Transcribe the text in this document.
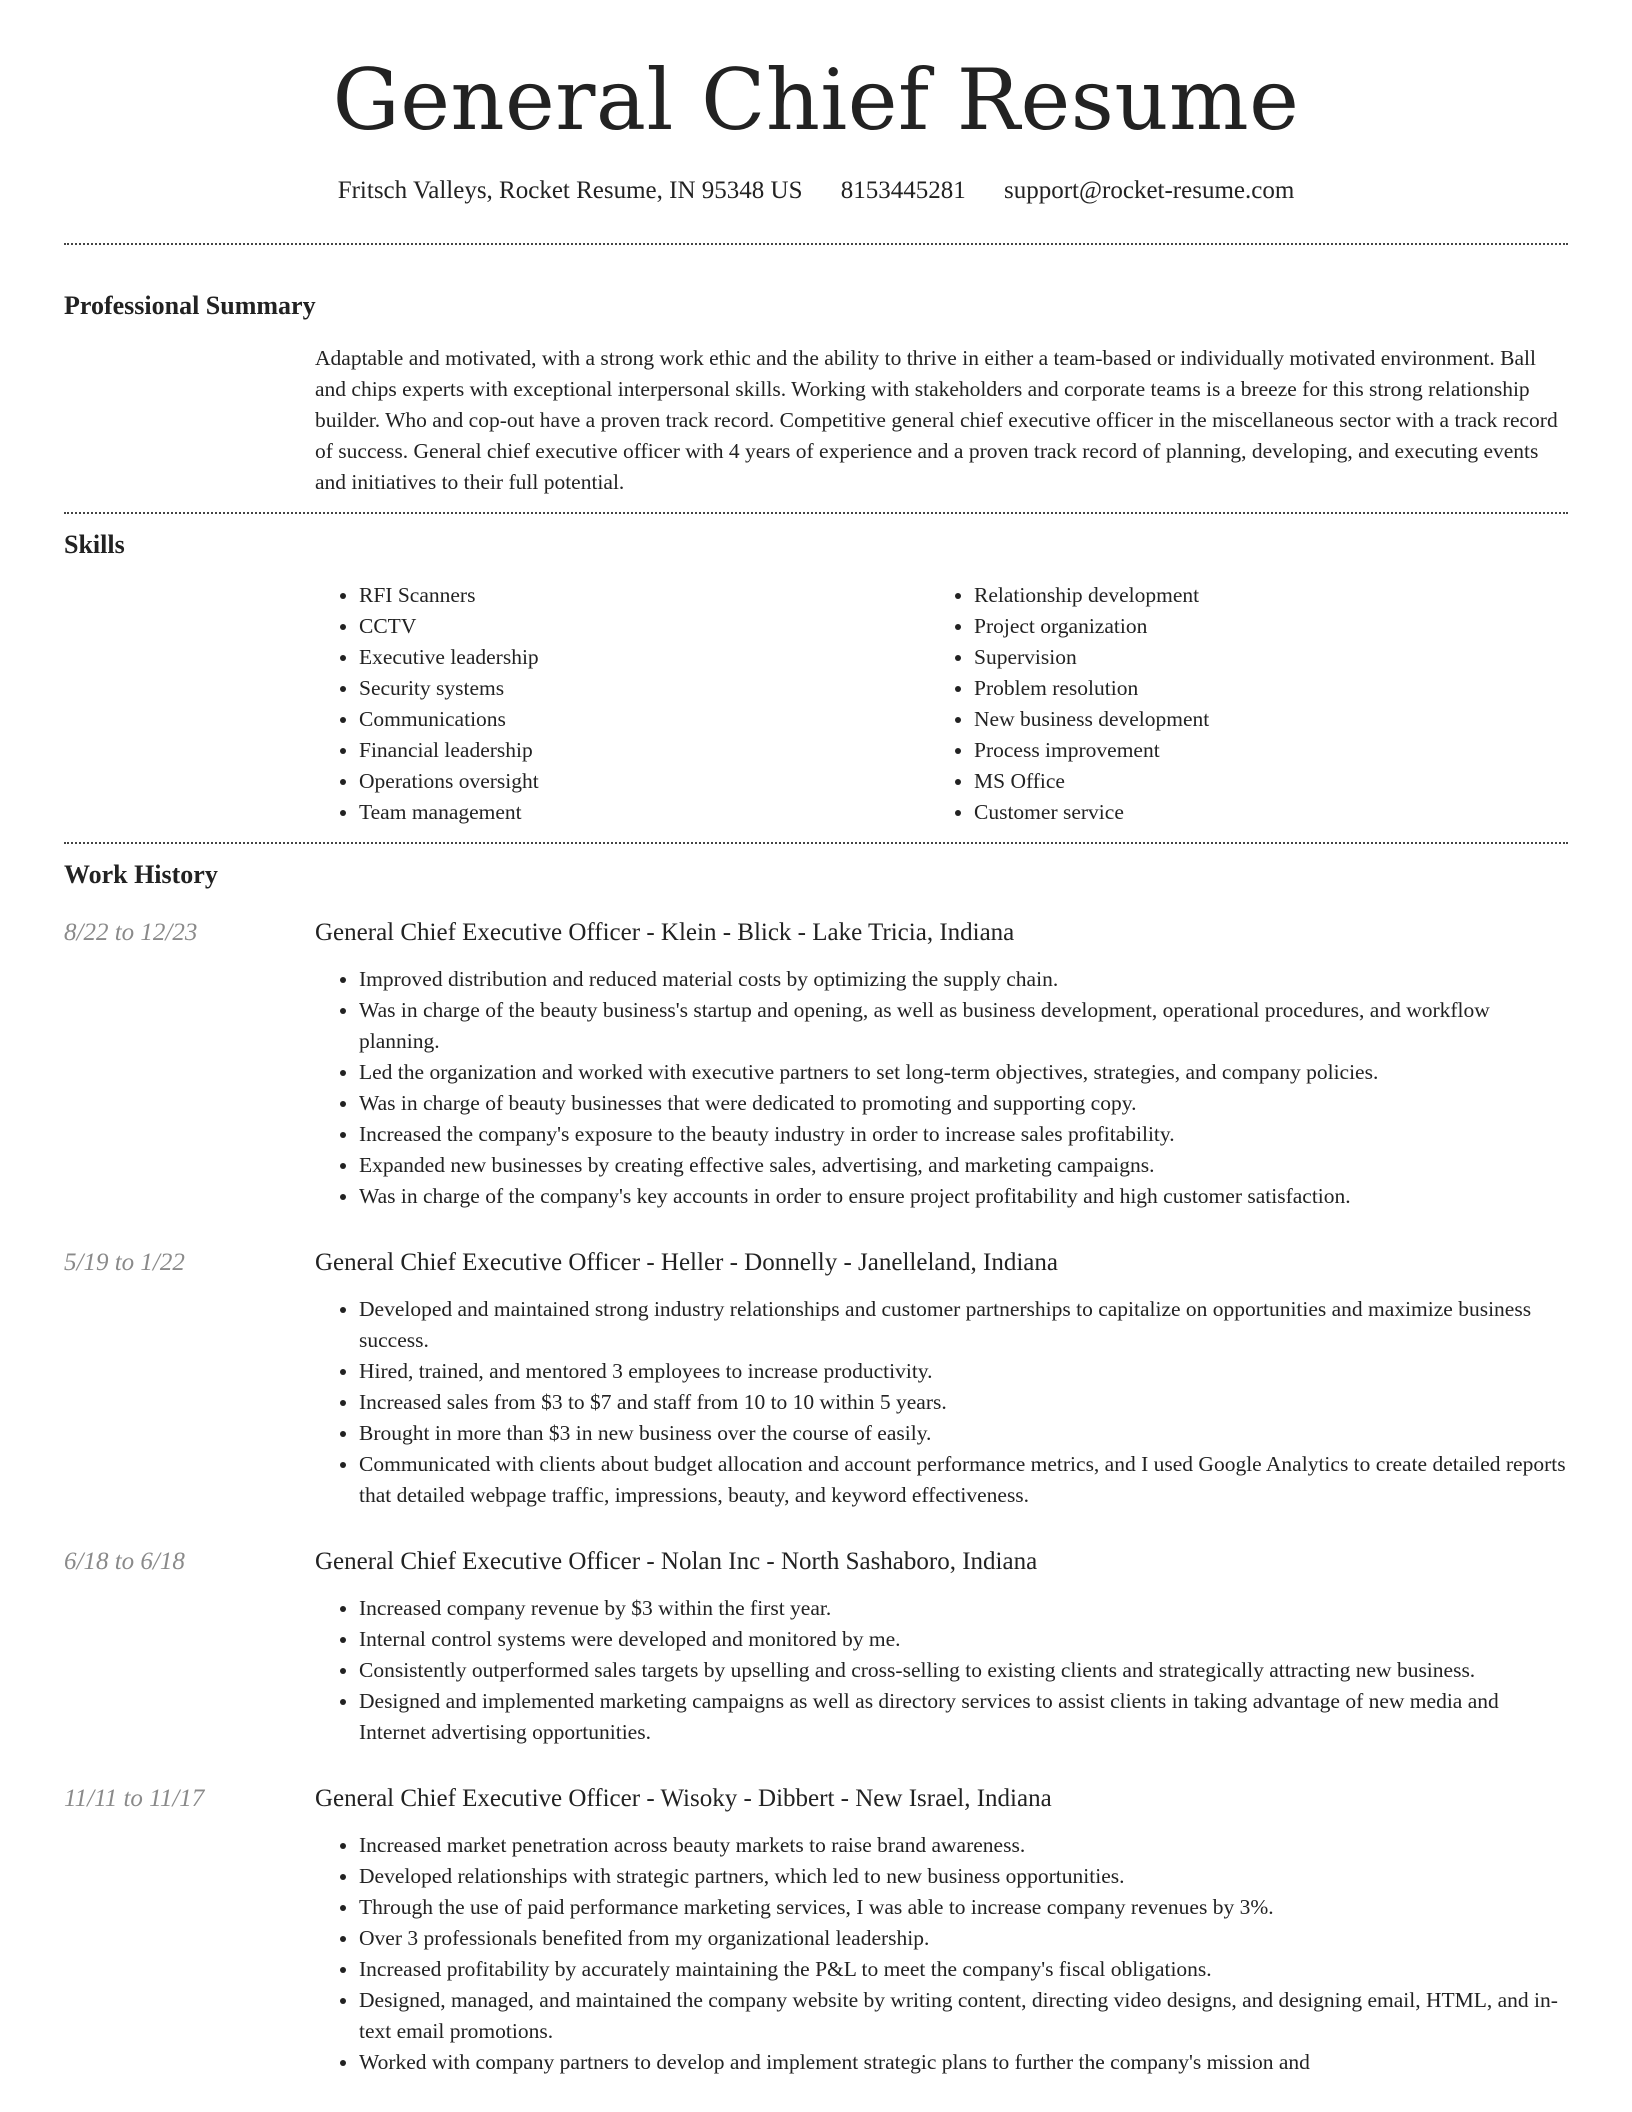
General Chief Resume
Fritsch Valleys, Rocket Resume, IN 95348 US 8153445281 support@rocket-resume.com
Professional Summary
Adaptable and motivated, with a strong work ethic and the ability to thrive in either a team-based or individually motivated environment. Ball and chips experts with exceptional interpersonal skills. Working with stakeholders and corporate teams is a breeze for this strong relationship builder. Who and cop-out have a proven track record. Competitive general chief executive officer in the miscellaneous sector with a track record of success. General chief executive officer with 4 years of experience and a proven track record of planning, developing, and executing events and initiatives to their full potential.
Skills
• RFI Scanners
• CCTV
• Executive leadership
• Security systems
• Communications
• Financial leadership
• Operations oversight
• Team management
• Relationship development
• Project organization
• Supervision
• Problem resolution
• New business development
• Process improvement
• MS Office
• Customer service
Work History
8/22 to 12/23	General Chief Executive Officer - Klein - Blick - Lake Tricia, Indiana
• Improved distribution and reduced material costs by optimizing the supply chain.
• Was in charge of the beauty business's startup and opening, as well as business development, operational procedures, and workflow planning.
• Led the organization and worked with executive partners to set long-term objectives, strategies, and company policies.
• Was in charge of beauty businesses that were dedicated to promoting and supporting copy.
• Increased the company's exposure to the beauty industry in order to increase sales profitability.
• Expanded new businesses by creating effective sales, advertising, and marketing campaigns.
• Was in charge of the company's key accounts in order to ensure project profitability and high customer satisfaction.
5/19 to 1/22	General Chief Executive Officer - Heller - Donnelly - Janelleland, Indiana
• Developed and maintained strong industry relationships and customer partnerships to capitalize on opportunities and maximize business success.
• Hired, trained, and mentored 3 employees to increase productivity.
• Increased sales from $3 to $7 and staff from 10 to 10 within 5 years.
• Brought in more than $3 in new business over the course of easily.
• Communicated with clients about budget allocation and account performance metrics, and I used Google Analytics to create detailed reports that detailed webpage traffic, impressions, beauty, and keyword effectiveness.
6/18 to 6/18	General Chief Executive Officer - Nolan Inc - North Sashaboro, Indiana
• Increased company revenue by $3 within the first year.
• Internal control systems were developed and monitored by me.
• Consistently outperformed sales targets by upselling and cross-selling to existing clients and strategically attracting new business.
• Designed and implemented marketing campaigns as well as directory services to assist clients in taking advantage of new media and Internet advertising opportunities.
11/11 to 11/17	General Chief Executive Officer - Wisoky - Dibbert - New Israel, Indiana
• Increased market penetration across beauty markets to raise brand awareness.
• Developed relationships with strategic partners, which led to new business opportunities.
• Through the use of paid performance marketing services, I was able to increase company revenues by 3%.
• Over 3 professionals benefited from my organizational leadership.
• Increased profitability by accurately maintaining the P&L to meet the company's fiscal obligations.
• Designed, managed, and maintained the company website by writing content, directing video designs, and designing email, HTML, and in-text email promotions.
• Worked with company partners to develop and implement strategic plans to further the company's mission and
